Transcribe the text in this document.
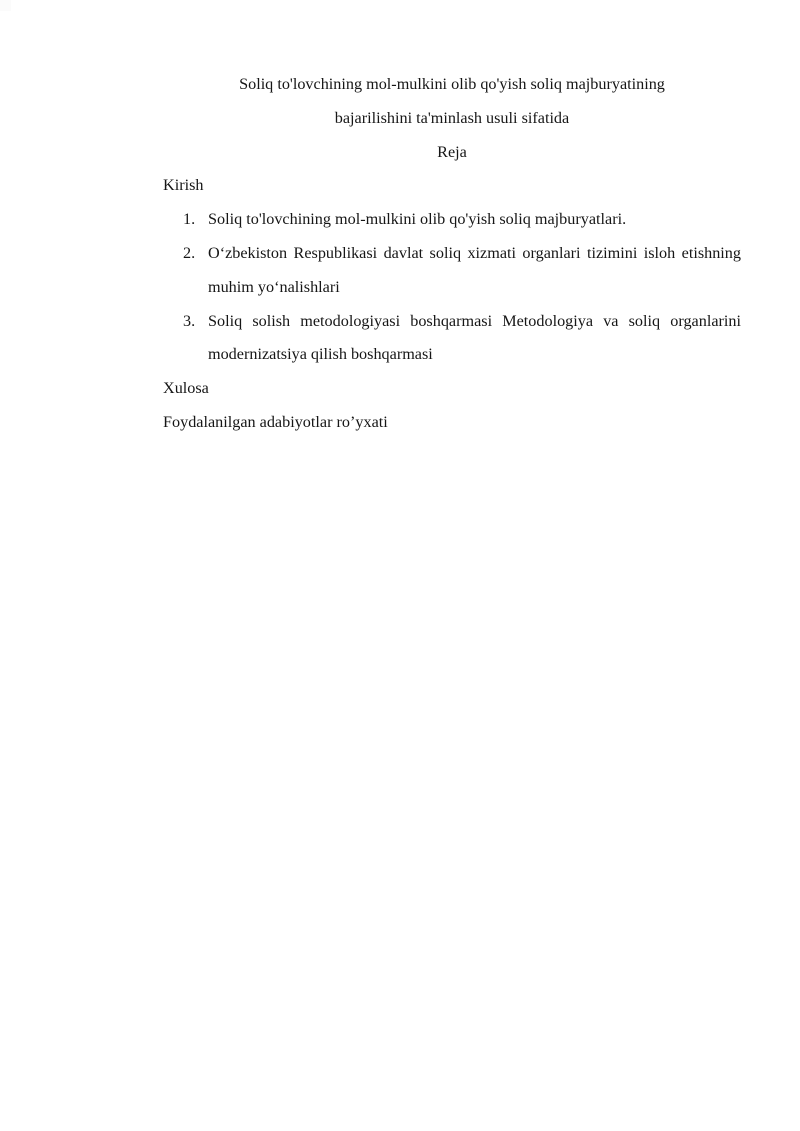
Soliq to'lovchining mol-mulkini olib qo'yish soliq majburyatining
bajarilishini ta'minlash usuli sifatida

Reja

Kirish

1. Soliq to'lovchining mol-mulkini olib qo'yish soliq majburyatlari.
2. Oʻzbekiston Respublikasi davlat soliq xizmati organlari tizimini isloh etishning muhim yoʻnalishlari
3. Soliq solish metodologiyasi boshqarmasi Metodologiya va soliq organlarini modernizatsiya qilish boshqarmasi

Xulosa

Foydalanilgan adabiyotlar ro’yxati
